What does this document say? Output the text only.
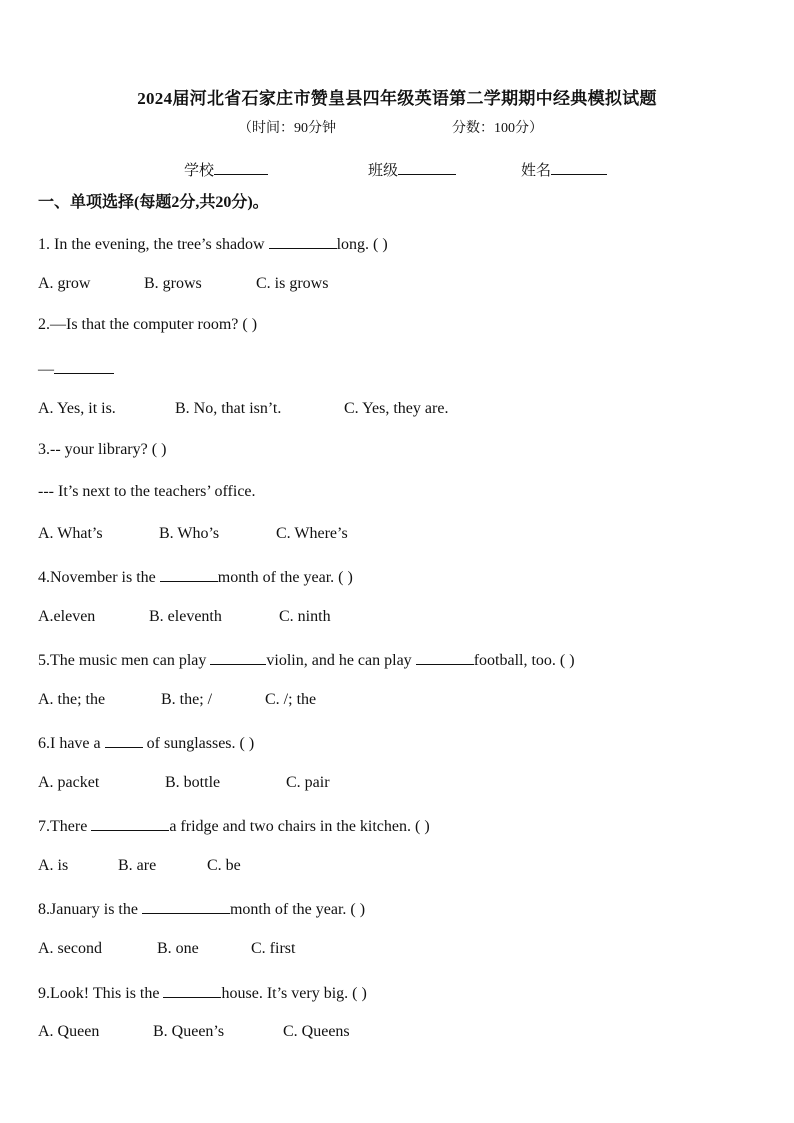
2024届河北省石家庄市赞皇县四年级英语第二学期期中经典模拟试题
（时间：90分钟	分数：100分）
学校	班级	姓名
一、单项选择(每题2分,共20分)。
1. In the evening, the tree’s shadow	long. ( )
A. grow	B. grows	C. is grows
2.—Is that the computer room? ( )
—
A. Yes, it is.	B. No, that isn’t.	C. Yes, they are.
3.-- your library? ( )
--- It’s next to the teachers’ office.
A. What’s	B. Who’s	C. Where’s
4.November is the	month of the year. ( )
A.eleven	B. eleventh	C. ninth
5.The music men can play	violin, and he can play	football, too. ( )
A. the; the	B. the; /	C. /; the
6.I have a  of sunglasses. ( )
A. packet	B. bottle	C. pair
7.There	a fridge and two chairs in the kitchen. ( )
A. is	B. are	C. be
8.January is the	month of the year. ( )
A. second	B. one	C. first
9.Look! This is the	house. It’s very big. ( )
A. Queen	B. Queen’s	C. Queens
